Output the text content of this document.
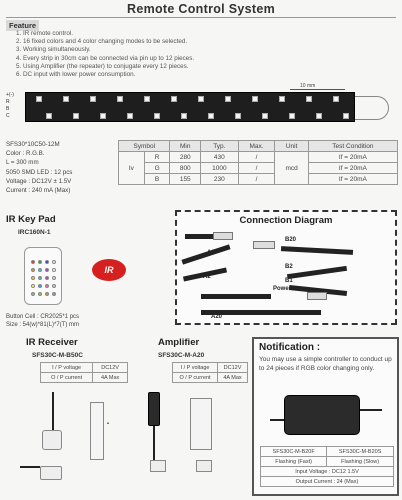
Remote Control System
Feature
1. IR remote control.
2. 16 fixed colors and 4 color changing modes to be selected.
3. Working simultaneously.
4. Every strip in 30cm can be connected via pin up to 12 pieces.
5. Using Amplifier (the repeater) to conjugate every 12 pieces.
6. DC input with lower power consumption.
+(-)
R
B
C
10 mm
SFS30*10C50-12M
Color : R.G.B.
L = 300 mm
5050 SMD LED : 12 pcs
Voltage : DC12V ± 1.5V
Current : 240 mA (Max)
Symbol		Min	Typ.	Max.	Unit	Test Condition
Iv	R	280	430	/	mcd	If = 20mA
	G	800	1000	/		If = 20mA
	B	155	230	/		If = 20mA
IR Key Pad
IRC160N-1
IR
Button Cell : CR2025*1 pcs
Size : 54(w)*81(L)*7(T) mm
Connection Diagram
B20
A1
A2
B2
B1
Power
A20
IR Receiver
SFS30C-M-B50C
I / P voltage	DC12V
O / P current	4A Max
▲
Amplifier
SFS30C-M-A20
I / P voltage	DC12V
O / P current	4A Max
Notification :
You may use a simple controller to conduct up to 24 pieces if RGB color changing only.
SFS30C-M-B20F	SFS30C-M-B20S
Flashing (Fast)	Flashing (Slow)
Input Voltage : DC12 1.5V	
Output Current : 24 (Max)	
